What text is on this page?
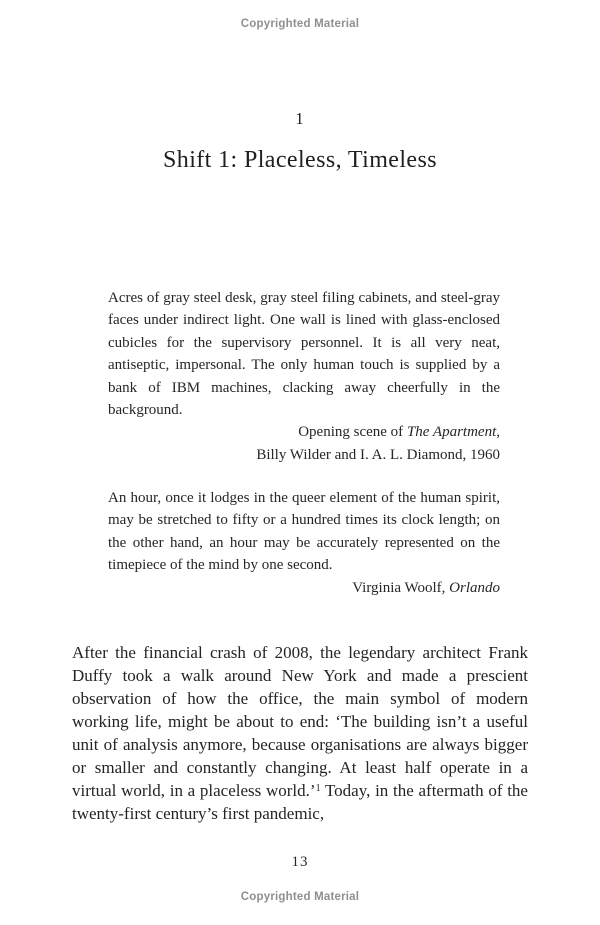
Copyrighted Material
1
Shift 1: Placeless, Timeless
Acres of gray steel desk, gray steel filing cabinets, and steel-gray faces under indirect light. One wall is lined with glass-enclosed cubicles for the supervisory personnel. It is all very neat, antiseptic, impersonal. The only human touch is supplied by a bank of IBM machines, clacking away cheerfully in the background.
Opening scene of The Apartment,
Billy Wilder and I. A. L. Diamond, 1960
An hour, once it lodges in the queer element of the human spirit, may be stretched to fifty or a hundred times its clock length; on the other hand, an hour may be accurately represented on the timepiece of the mind by one second.
Virginia Woolf, Orlando
After the financial crash of 2008, the legendary architect Frank Duffy took a walk around New York and made a prescient observation of how the office, the main symbol of modern working life, might be about to end: ‘The building isn’t a useful unit of analysis anymore, because organisations are always bigger or smaller and constantly changing. At least half operate in a virtual world, in a placeless world.’$^1$ Today, in the aftermath of the twenty-first century’s first pandemic,
13
Copyrighted Material
